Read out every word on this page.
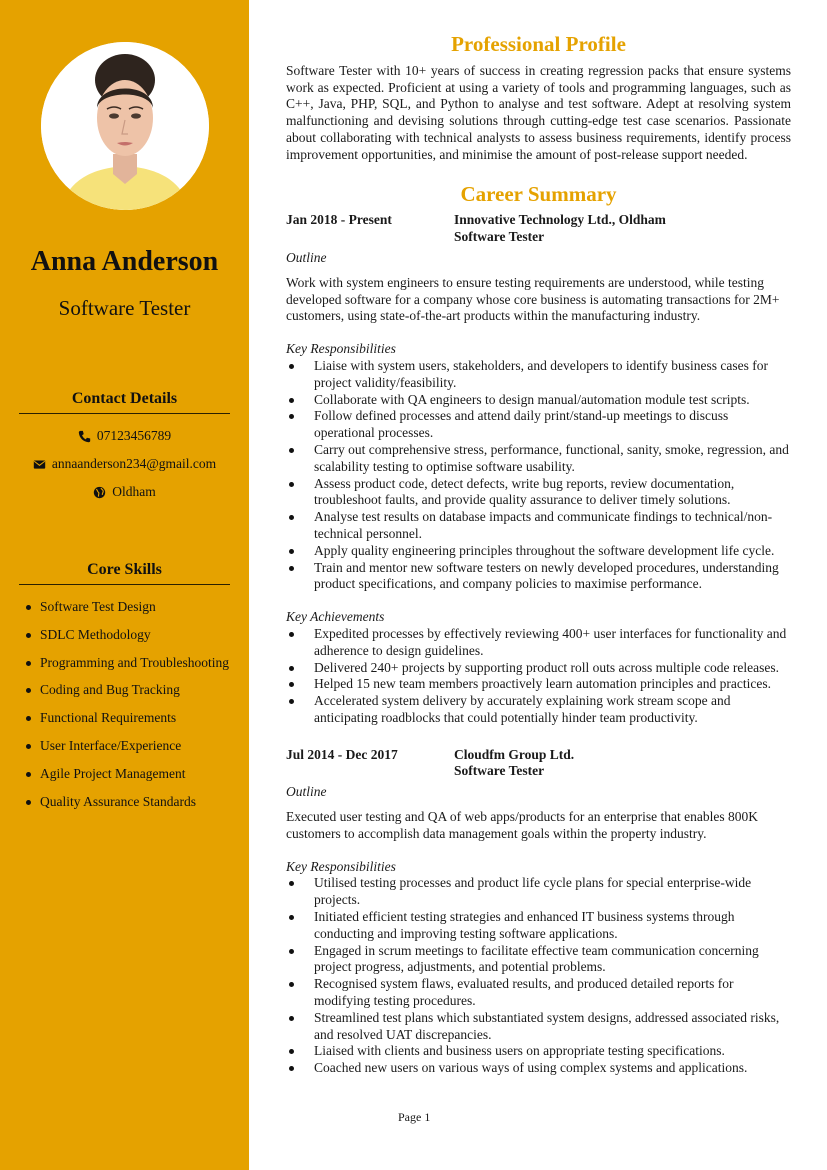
Anna Anderson
Software Tester
Contact Details
07123456789
annaanderson234@gmail.com
Oldham
Core Skills
Software Test Design
SDLC Methodology
Programming and Troubleshooting
Coding and Bug Tracking
Functional Requirements
User Interface/Experience
Agile Project Management
Quality Assurance Standards
Professional Profile

Software Tester with 10+ years of success in creating regression packs that ensure systems work as expected. Proficient at using a variety of tools and programming languages, such as C++, Java, PHP, SQL, and Python to analyse and test software. Adept at resolving system malfunctioning and devising solutions through cutting-edge test case scenarios. Passionate about collaborating with technical analysts to assess business requirements, identify process improvement opportunities, and minimise the amount of post-release support needed.

Career Summary
Jan 2018 - Present	Innovative Technology Ltd., Oldham
Software Tester
Outline

Work with system engineers to ensure testing requirements are understood, while testing developed software for a company whose core business is automating transactions for 2M+ customers, using state-of-the-art products within the manufacturing industry.

Key Responsibilities
Liaise with system users, stakeholders, and developers to identify business cases for project validity/feasibility.
Collaborate with QA engineers to design manual/automation module test scripts.
Follow defined processes and attend daily print/stand-up meetings to discuss operational processes.
Carry out comprehensive stress, performance, functional, sanity, smoke, regression, and scalability testing to optimise software usability.
Assess product code, detect defects, write bug reports, review documentation, troubleshoot faults, and provide quality assurance to deliver timely solutions.
Analyse test results on database impacts and communicate findings to technical/non-technical personnel.
Apply quality engineering principles throughout the software development life cycle.
Train and mentor new software testers on newly developed procedures, understanding product specifications, and company policies to maximise performance.
Key Achievements
Expedited processes by effectively reviewing 400+ user interfaces for functionality and adherence to design guidelines.
Delivered 240+ projects by supporting product roll outs across multiple code releases.
Helped 15 new team members proactively learn automation principles and practices.
Accelerated system delivery by accurately explaining work stream scope and anticipating roadblocks that could potentially hinder team productivity.
Jul 2014 - Dec 2017	Cloudfm Group Ltd.
Software Tester
Outline

Executed user testing and QA of web apps/products for an enterprise that enables 800K customers to accomplish data management goals within the property industry.

Key Responsibilities
Utilised testing processes and product life cycle plans for special enterprise-wide projects.
Initiated efficient testing strategies and enhanced IT business systems through conducting and improving testing software applications.
Engaged in scrum meetings to facilitate effective team communication concerning project progress, adjustments, and potential problems.
Recognised system flaws, evaluated results, and produced detailed reports for modifying testing procedures.
Streamlined test plans which substantiated system designs, addressed associated risks, and resolved UAT discrepancies.
Liaised with clients and business users on appropriate testing specifications.
Coached new users on various ways of using complex systems and applications.
Page 1
